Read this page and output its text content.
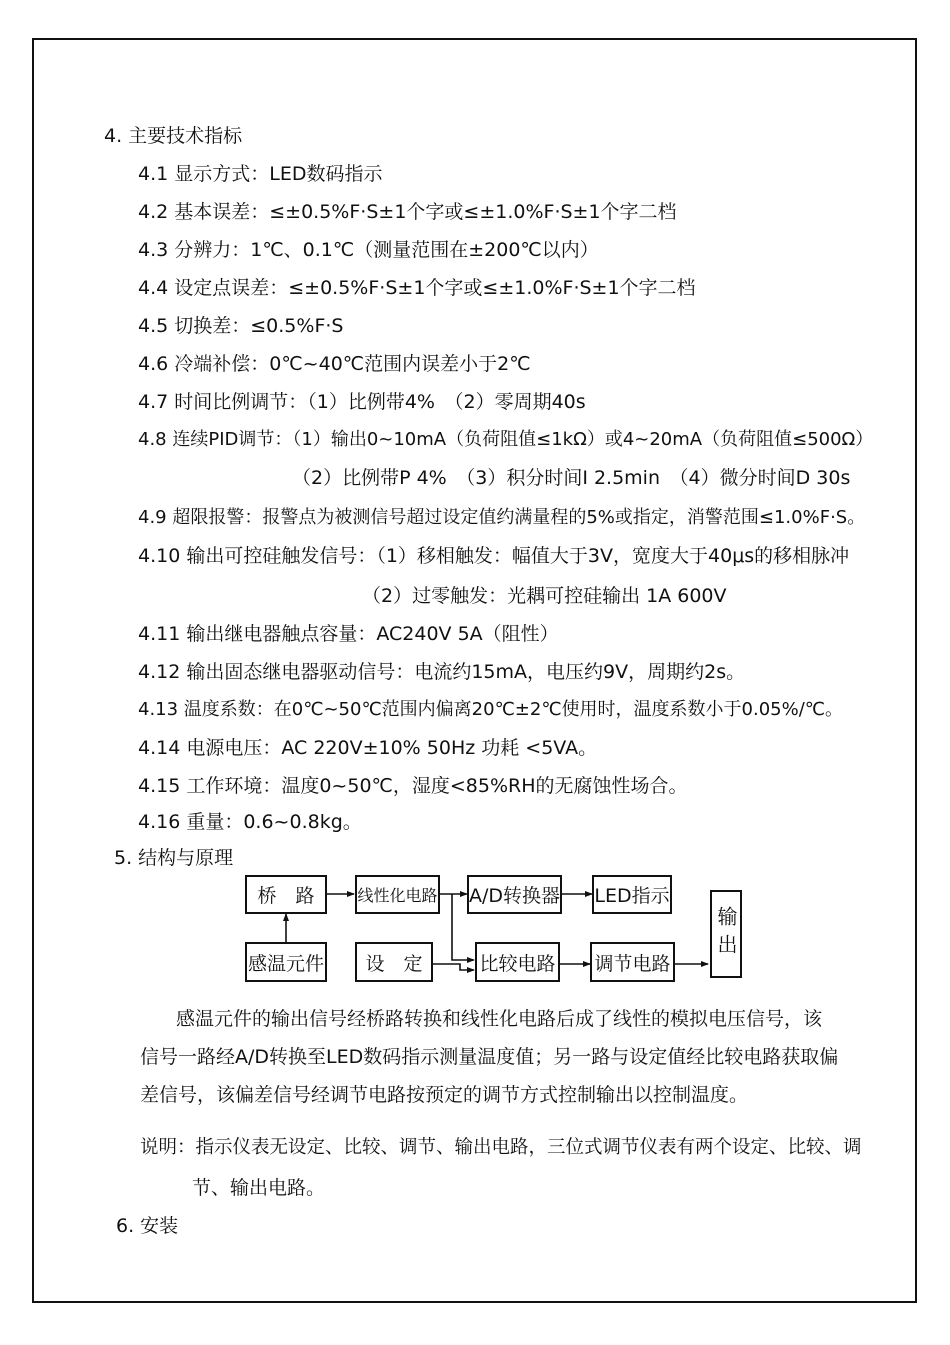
4. 主要技术指标
4.1 显示方式：LED数码指示
4.2 基本误差：≤±0.5%F·S±1个字或≤±1.0%F·S±1个字二档
4.3 分辨力：1℃、0.1℃（测量范围在±200℃以内）
4.4 设定点误差：≤±0.5%F·S±1个字或≤±1.0%F·S±1个字二档
4.5 切换差：≤0.5%F·S
4.6 冷端补偿：0℃~40℃范围内误差小于2℃
4.7 时间比例调节：（1）比例带4%　（2）零周期40s
4.8 连续PID调节：（1）输出0~10mA（负荷阻值≤1kΩ）或4~20mA（负荷阻值≤500Ω）
（2）比例带P 4%　（3）积分时间I 2.5min　（4）微分时间D 30s
4.9 超限报警：报警点为被测信号超过设定值约满量程的5%或指定，消警范围≤1.0%F·S。
4.10 输出可控硅触发信号：（1）移相触发：幅值大于3V，宽度大于40μs的移相脉冲
（2）过零触发：光耦可控硅输出 1A 600V
4.11 输出继电器触点容量：AC240V 5A（阻性）
4.12 输出固态继电器驱动信号：电流约15mA，电压约9V，周期约2s。
4.13 温度系数：在0℃~50℃范围内偏离20℃±2℃使用时，温度系数小于0.05%/℃。
4.14 电源电压：AC 220V±10% 50Hz 功耗 <5VA。
4.15 工作环境：温度0~50℃，湿度<85%RH的无腐蚀性场合。
4.16 重量：0.6~0.8kg。
5. 结构与原理
桥　路	线性化电路 A/D转换器 LED指示
输出
感温元件	设　定	比较电路 调节电路
感温元件的输出信号经桥路转换和线性化电路后成了线性的模拟电压信号，该信号一路经A/D转换至LED数码指示测量温度值；另一路与设定值经比较电路获取偏差信号，该偏差信号经调节电路按预定的调节方式控制输出以控制温度。
说明：指示仪表无设定、比较、调节、输出电路，三位式调节仪表有两个设定、比较、调
节、输出电路。
6. 安装
